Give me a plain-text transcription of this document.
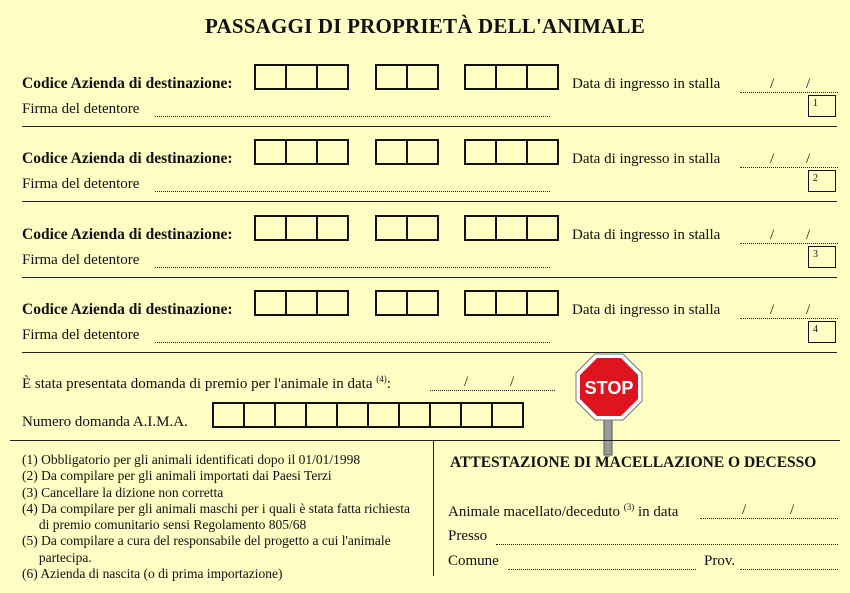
PASSAGGI DI PROPRIETÀ DELL'ANIMALE
Codice Azienda di destinazione:	Data di ingresso in stalla	/ /
Firma del detentore	1
Codice Azienda di destinazione:	Data di ingresso in stalla	/ /
Firma del detentore	2
Codice Azienda di destinazione:	Data di ingresso in stalla	/ /
Firma del detentore	3
Codice Azienda di destinazione:	Data di ingresso in stalla	/ /
Firma del detentore	4
È stata presentata domanda di premio per l'animale in data $^{(4)}$:	/	/
Numero domanda A.I.M.A.
STOP
(1) Obbligatorio per gli animali identificati dopo il 01/01/1998
(2) Da compilare per gli animali importati dai Paesi Terzi
(3) Cancellare la dizione non corretta
(4) Da compilare per gli animali maschi per i quali è stata fatta richiesta
di premio comunitario sensi Regolamento 805/68
(5) Da compilare a cura del responsabile del progetto a cui l'animale
partecipa.
(6) Azienda di nascita (o di prima importazione)
ATTESTAZIONE DI MACELLAZIONE O DECESSO
Animale macellato/deceduto $^{(3)}$ in data	/	/
Presso
Comune	Prov.
